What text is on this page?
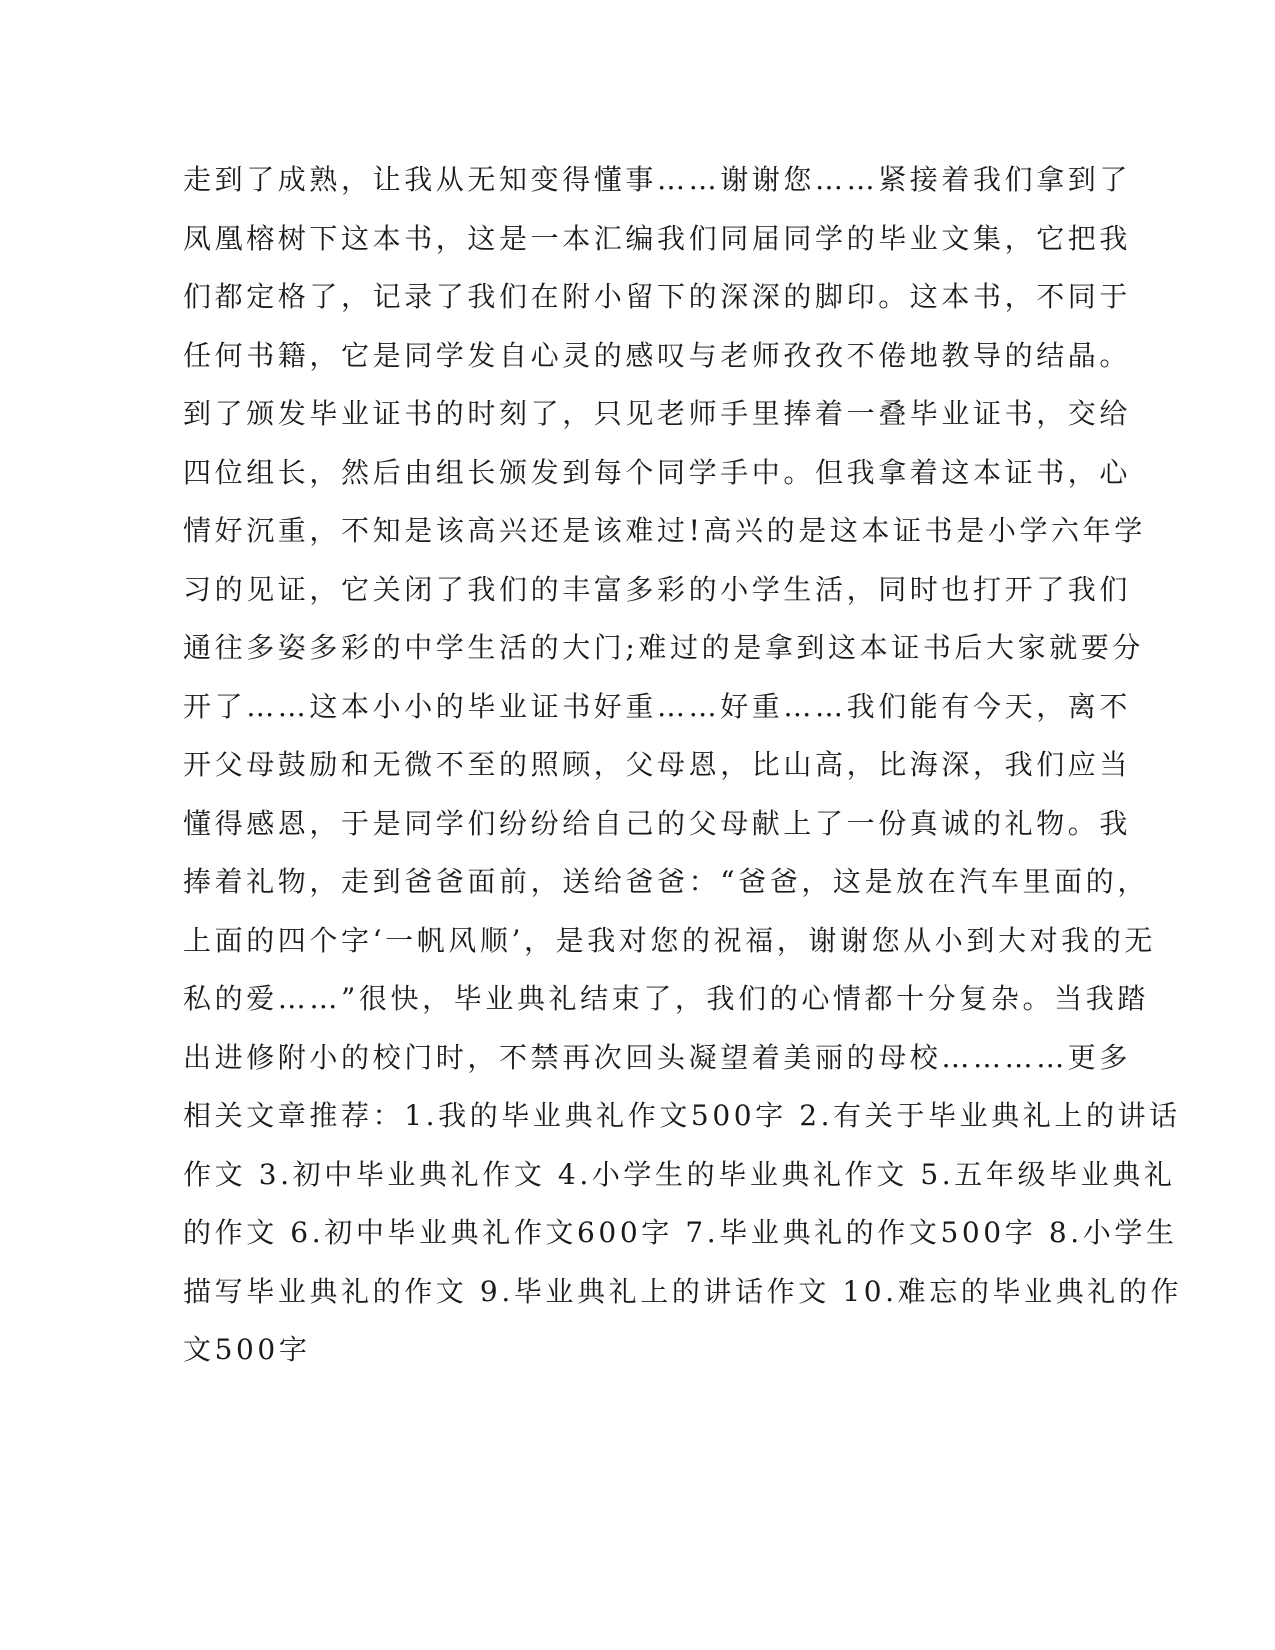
走到了成熟，让我从无知变得懂事……谢谢您……紧接着我们拿到了
凤凰榕树下这本书，这是一本汇编我们同届同学的毕业文集，它把我
们都定格了，记录了我们在附小留下的深深的脚印。这本书，不同于
任何书籍，它是同学发自心灵的感叹与老师孜孜不倦地教导的结晶。
到了颁发毕业证书的时刻了，只见老师手里捧着一叠毕业证书，交给
四位组长，然后由组长颁发到每个同学手中。但我拿着这本证书，心
情好沉重，不知是该高兴还是该难过!高兴的是这本证书是小学六年学
习的见证，它关闭了我们的丰富多彩的小学生活，同时也打开了我们
通往多姿多彩的中学生活的大门;难过的是拿到这本证书后大家就要分
开了……这本小小的毕业证书好重……好重……我们能有今天，离不
开父母鼓励和无微不至的照顾，父母恩，比山高，比海深，我们应当
懂得感恩，于是同学们纷纷给自己的父母献上了一份真诚的礼物。我
捧着礼物，走到爸爸面前，送给爸爸：“爸爸，这是放在汽车里面的，
上面的四个字‘一帆风顺’，是我对您的祝福，谢谢您从小到大对我的无
私的爱……”很快，毕业典礼结束了，我们的心情都十分复杂。当我踏
出进修附小的校门时，不禁再次回头凝望着美丽的母校…………更多
相关文章推荐：1.我的毕业典礼作文500字 2.有关于毕业典礼上的讲话
作文 3.初中毕业典礼作文 4.小学生的毕业典礼作文 5.五年级毕业典礼
的作文 6.初中毕业典礼作文600字 7.毕业典礼的作文500字 8.小学生
描写毕业典礼的作文 9.毕业典礼上的讲话作文 10.难忘的毕业典礼的作
文500字
